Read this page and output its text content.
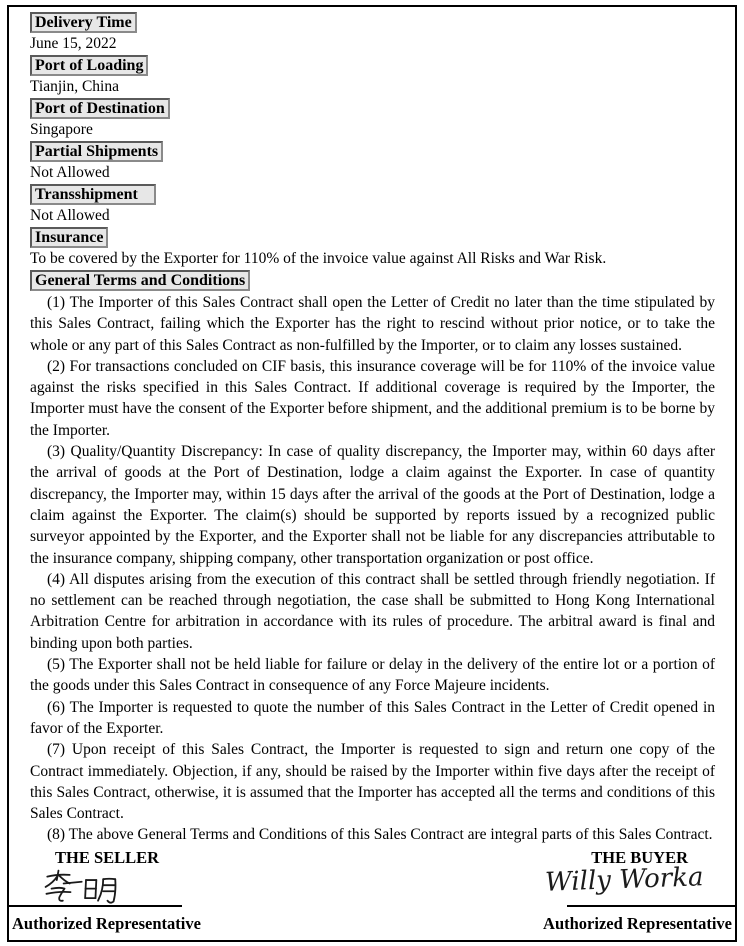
Delivery Time

June 15, 2022

Port of Loading

Tianjin, China

Port of Destination

Singapore

Partial Shipments

Not Allowed

Transshipment

Not Allowed

Insurance

To be covered by the Exporter for 110% of the invoice value against All Risks and War Risk.

General Terms and Conditions

(1) The Importer of this Sales Contract shall open the Letter of Credit no later than the time stipulated by this Sales Contract, failing which the Exporter has the right to rescind without prior notice, or to take the whole or any part of this Sales Contract as non-fulfilled by the Importer, or to claim any losses sustained.

(2) For transactions concluded on CIF basis, this insurance coverage will be for 110% of the invoice value against the risks specified in this Sales Contract. If additional coverage is required by the Importer, the Importer must have the consent of the Exporter before shipment, and the additional premium is to be borne by the Importer.

(3) Quality/Quantity Discrepancy: In case of quality discrepancy, the Importer may, within 60 days after the arrival of goods at the Port of Destination, lodge a claim against the Exporter. In case of quantity discrepancy, the Importer may, within 15 days after the arrival of the goods at the Port of Destination, lodge a claim against the Exporter. The claim(s) should be supported by reports issued by a recognized public surveyor appointed by the Exporter, and the Exporter shall not be liable for any discrepancies attributable to the insurance company, shipping company, other transportation organization or post office.

(4) All disputes arising from the execution of this contract shall be settled through friendly negotiation. If no settlement can be reached through negotiation, the case shall be submitted to Hong Kong International Arbitration Centre for arbitration in accordance with its rules of procedure. The arbitral award is final and binding upon both parties.

(5) The Exporter shall not be held liable for failure or delay in the delivery of the entire lot or a portion of the goods under this Sales Contract in consequence of any Force Majeure incidents.

(6) The Importer is requested to quote the number of this Sales Contract in the Letter of Credit opened in favor of the Exporter.

(7) Upon receipt of this Sales Contract, the Importer is requested to sign and return one copy of the Contract immediately. Objection, if any, should be raised by the Importer within five days after the receipt of this Sales Contract, otherwise, it is assumed that the Importer has accepted all the terms and conditions of this Sales Contract.

(8) The above General Terms and Conditions of this Sales Contract are integral parts of this Sales Contract.

THE SELLER	THE BUYER
Willy Worka
Authorized Representative	Authorized Representative
